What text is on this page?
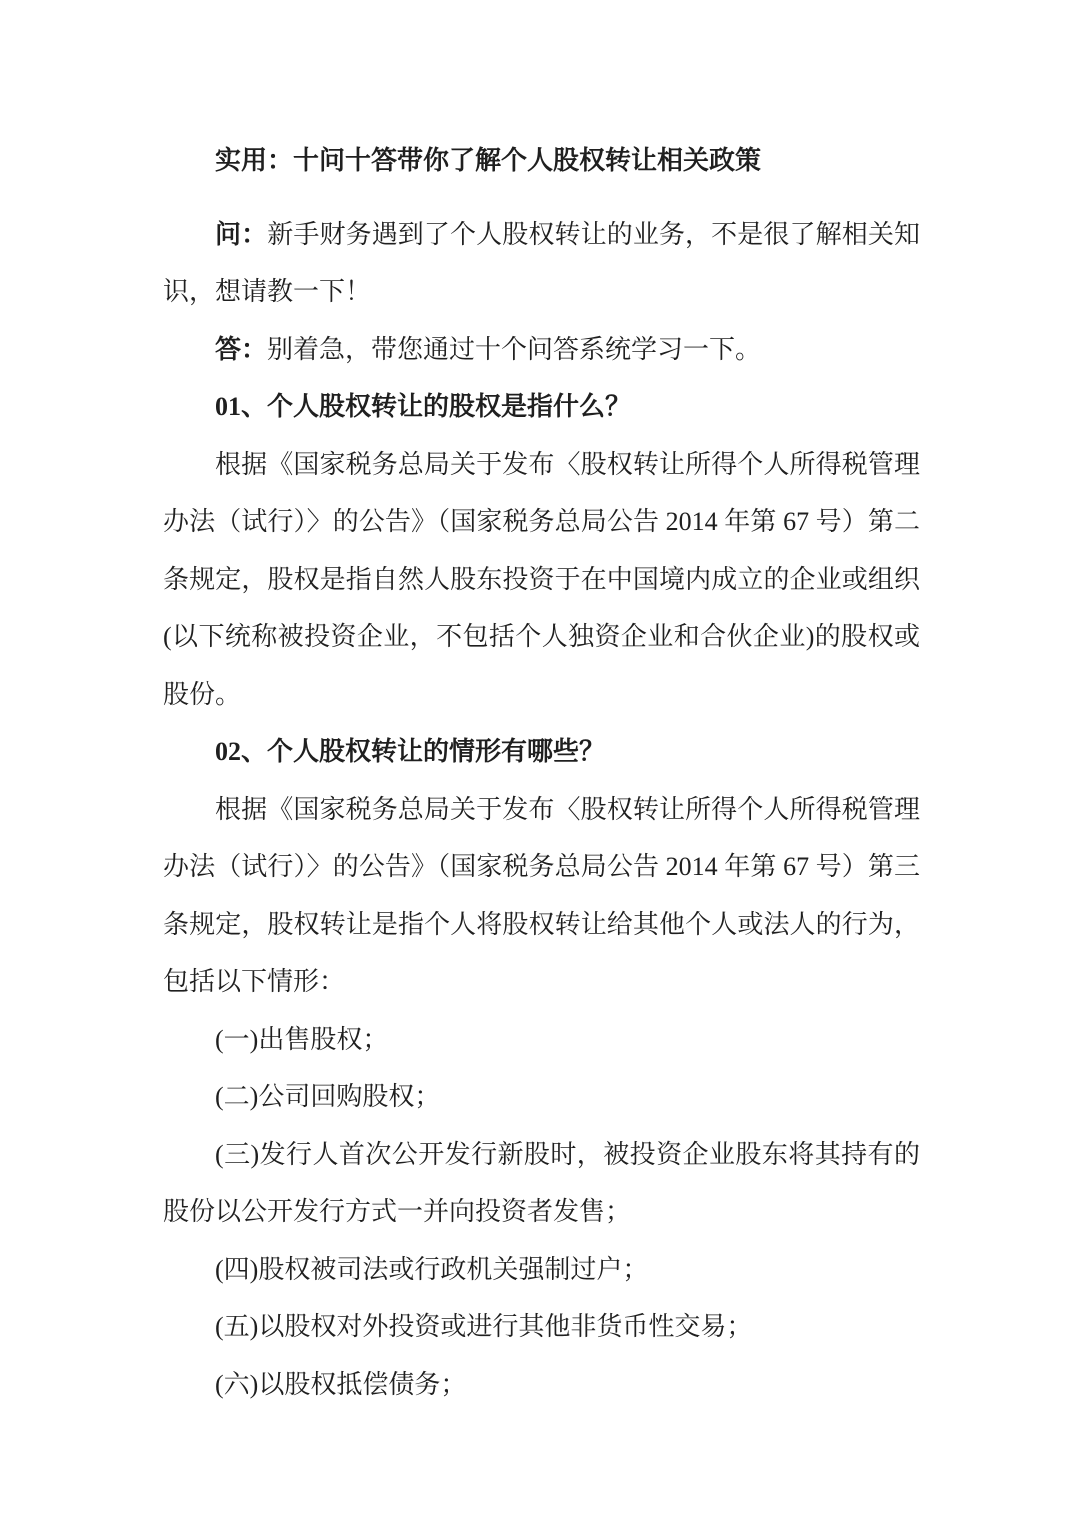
实用：十问十答带你了解个人股权转让相关政策

问：新手财务遇到了个人股权转让的业务，不是很了解相关知识，想请教一下！

答：别着急，带您通过十个问答系统学习一下。

01、个人股权转让的股权是指什么？

根据《国家税务总局关于发布〈股权转让所得个人所得税管理办法（试行）〉的公告》（国家税务总局公告 2014 年第 67 号）第二条规定，股权是指自然人股东投资于在中国境内成立的企业或组织(以下统称被投资企业，不包括个人独资企业和合伙企业)的股权或股份。

02、个人股权转让的情形有哪些？

根据《国家税务总局关于发布〈股权转让所得个人所得税管理办法（试行）〉的公告》（国家税务总局公告 2014 年第 67 号）第三条规定，股权转让是指个人将股权转让给其他个人或法人的行为，包括以下情形：

(一)出售股权；

(二)公司回购股权；

(三)发行人首次公开发行新股时，被投资企业股东将其持有的股份以公开发行方式一并向投资者发售；

(四)股权被司法或行政机关强制过户；

(五)以股权对外投资或进行其他非货币性交易；

(六)以股权抵偿债务；
